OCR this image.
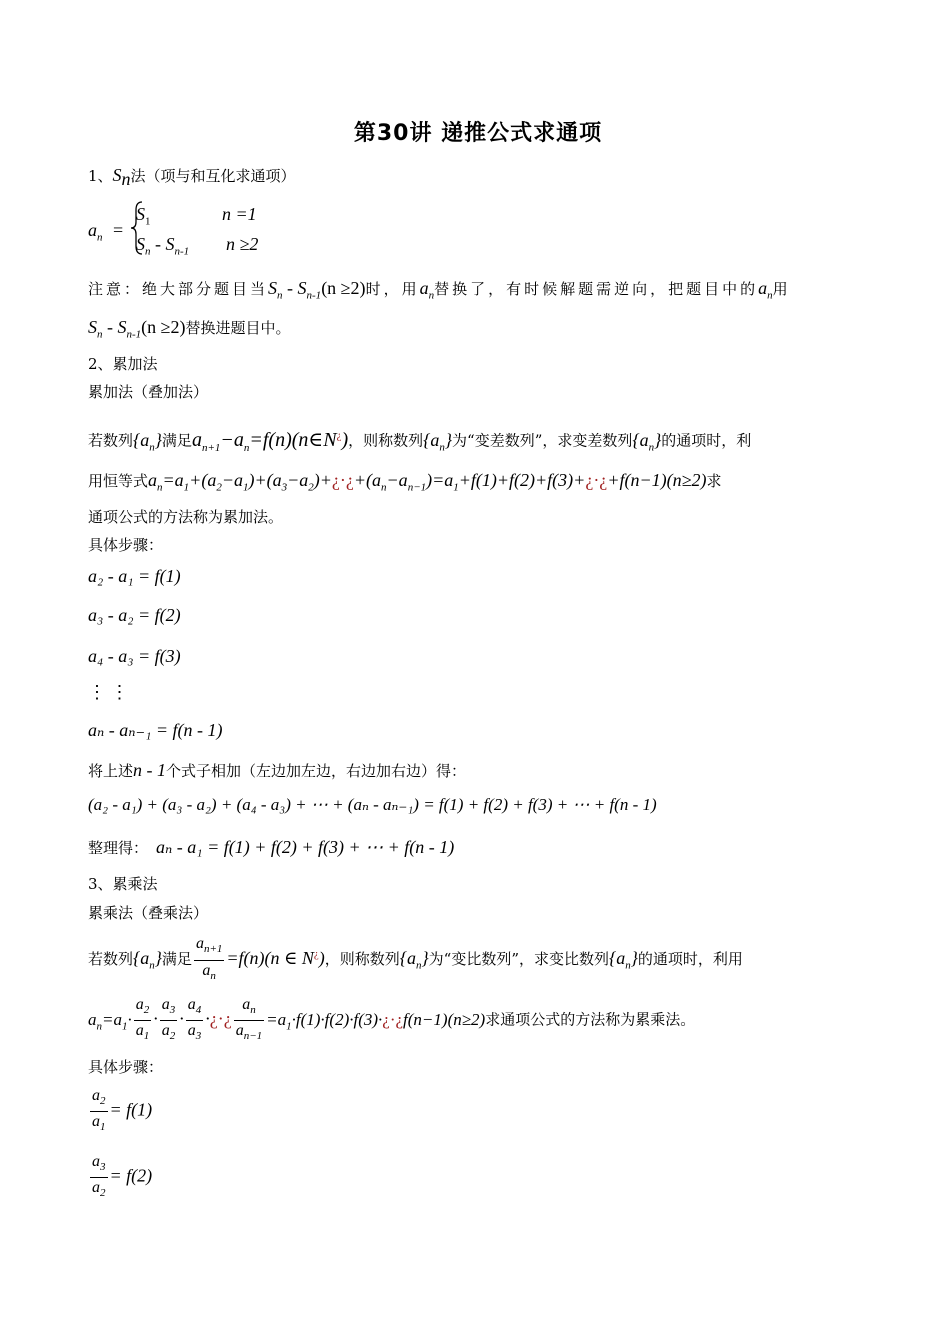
第30讲 递推公式求通项
1、$S_n$法（项与和互化求通项）
$a_n$ =
$S_1$	n =1
$S_n - S_{n-1}$ n ≥2
注意：绝大部分题目当$S_n - S_{n-1}(n \ge 2)$时，用$a_n$替换了，有时候解题需逆向，把题目中的$a_n$用
$S_n - S_{n-1}(n \ge 2)$替换进题目中。
2、累加法
累加法（叠加法）
若数列$\{a_n\}$满足$a_{n+1}-a_n=f(n)(n\in N^¿)$，则称数列$\{a_n\}$为“变差数列”，求变差数列$\{a_n\}$的通项时，利
用恒等式$a_n=a_1+(a_2-a_1)+(a_3-a_2)+¿\cdot¿+(a_n-a_{n-1})=a_1+f(1)+f(2)+f(3)+¿\cdot¿+f(n-1)(n\ge 2)$求
通项公式的方法称为累加法。
具体步骤：
a₂ - a₁ = f(1)
a₃ - a₂ = f(2)
a₄ - a₃ = f(3)
⋮ ⋮
aₙ - aₙ₋₁ = f(n - 1)
将上述n - 1个式子相加（左边加左边，右边加右边）得：
(a₂ - a₁) + (a₃ - a₂) + (a₄ - a₃) + ⋯ + (aₙ - aₙ₋₁) = f(1) + f(2) + f(3) + ⋯ + f(n - 1)
整理得： aₙ - a₁ = f(1) + f(2) + f(3) + ⋯ + f(n - 1)
3、累乘法
累乘法（叠乘法）
若数列$\{a_n\}$满足 $\frac{a_{n+1}}{a_n} =f(n)(n$ ∈ N¿)，则称数列$\{a_n\}$为“变比数列”，求变比数列$\{a_n\}$的通项时，利用
$a_n=a_1\cdot \frac{a_2}{a_1} \cdot \frac{a_3}{a_2} \cdot \frac{a_4}{a_3}$ ·¿·¿ $\frac{a_n}{a_{n-1}}$ $=a_1\cdot f(1)\cdot f(2)\cdot f(3)\cdot¿\cdot¿f(n-1)(n\ge 2)$求通项公式的方法称为累乘法。
具体步骤：
$\frac{a_2}{a_1} = f(1)$
$\frac{a_3}{a_2} = f(2)$
